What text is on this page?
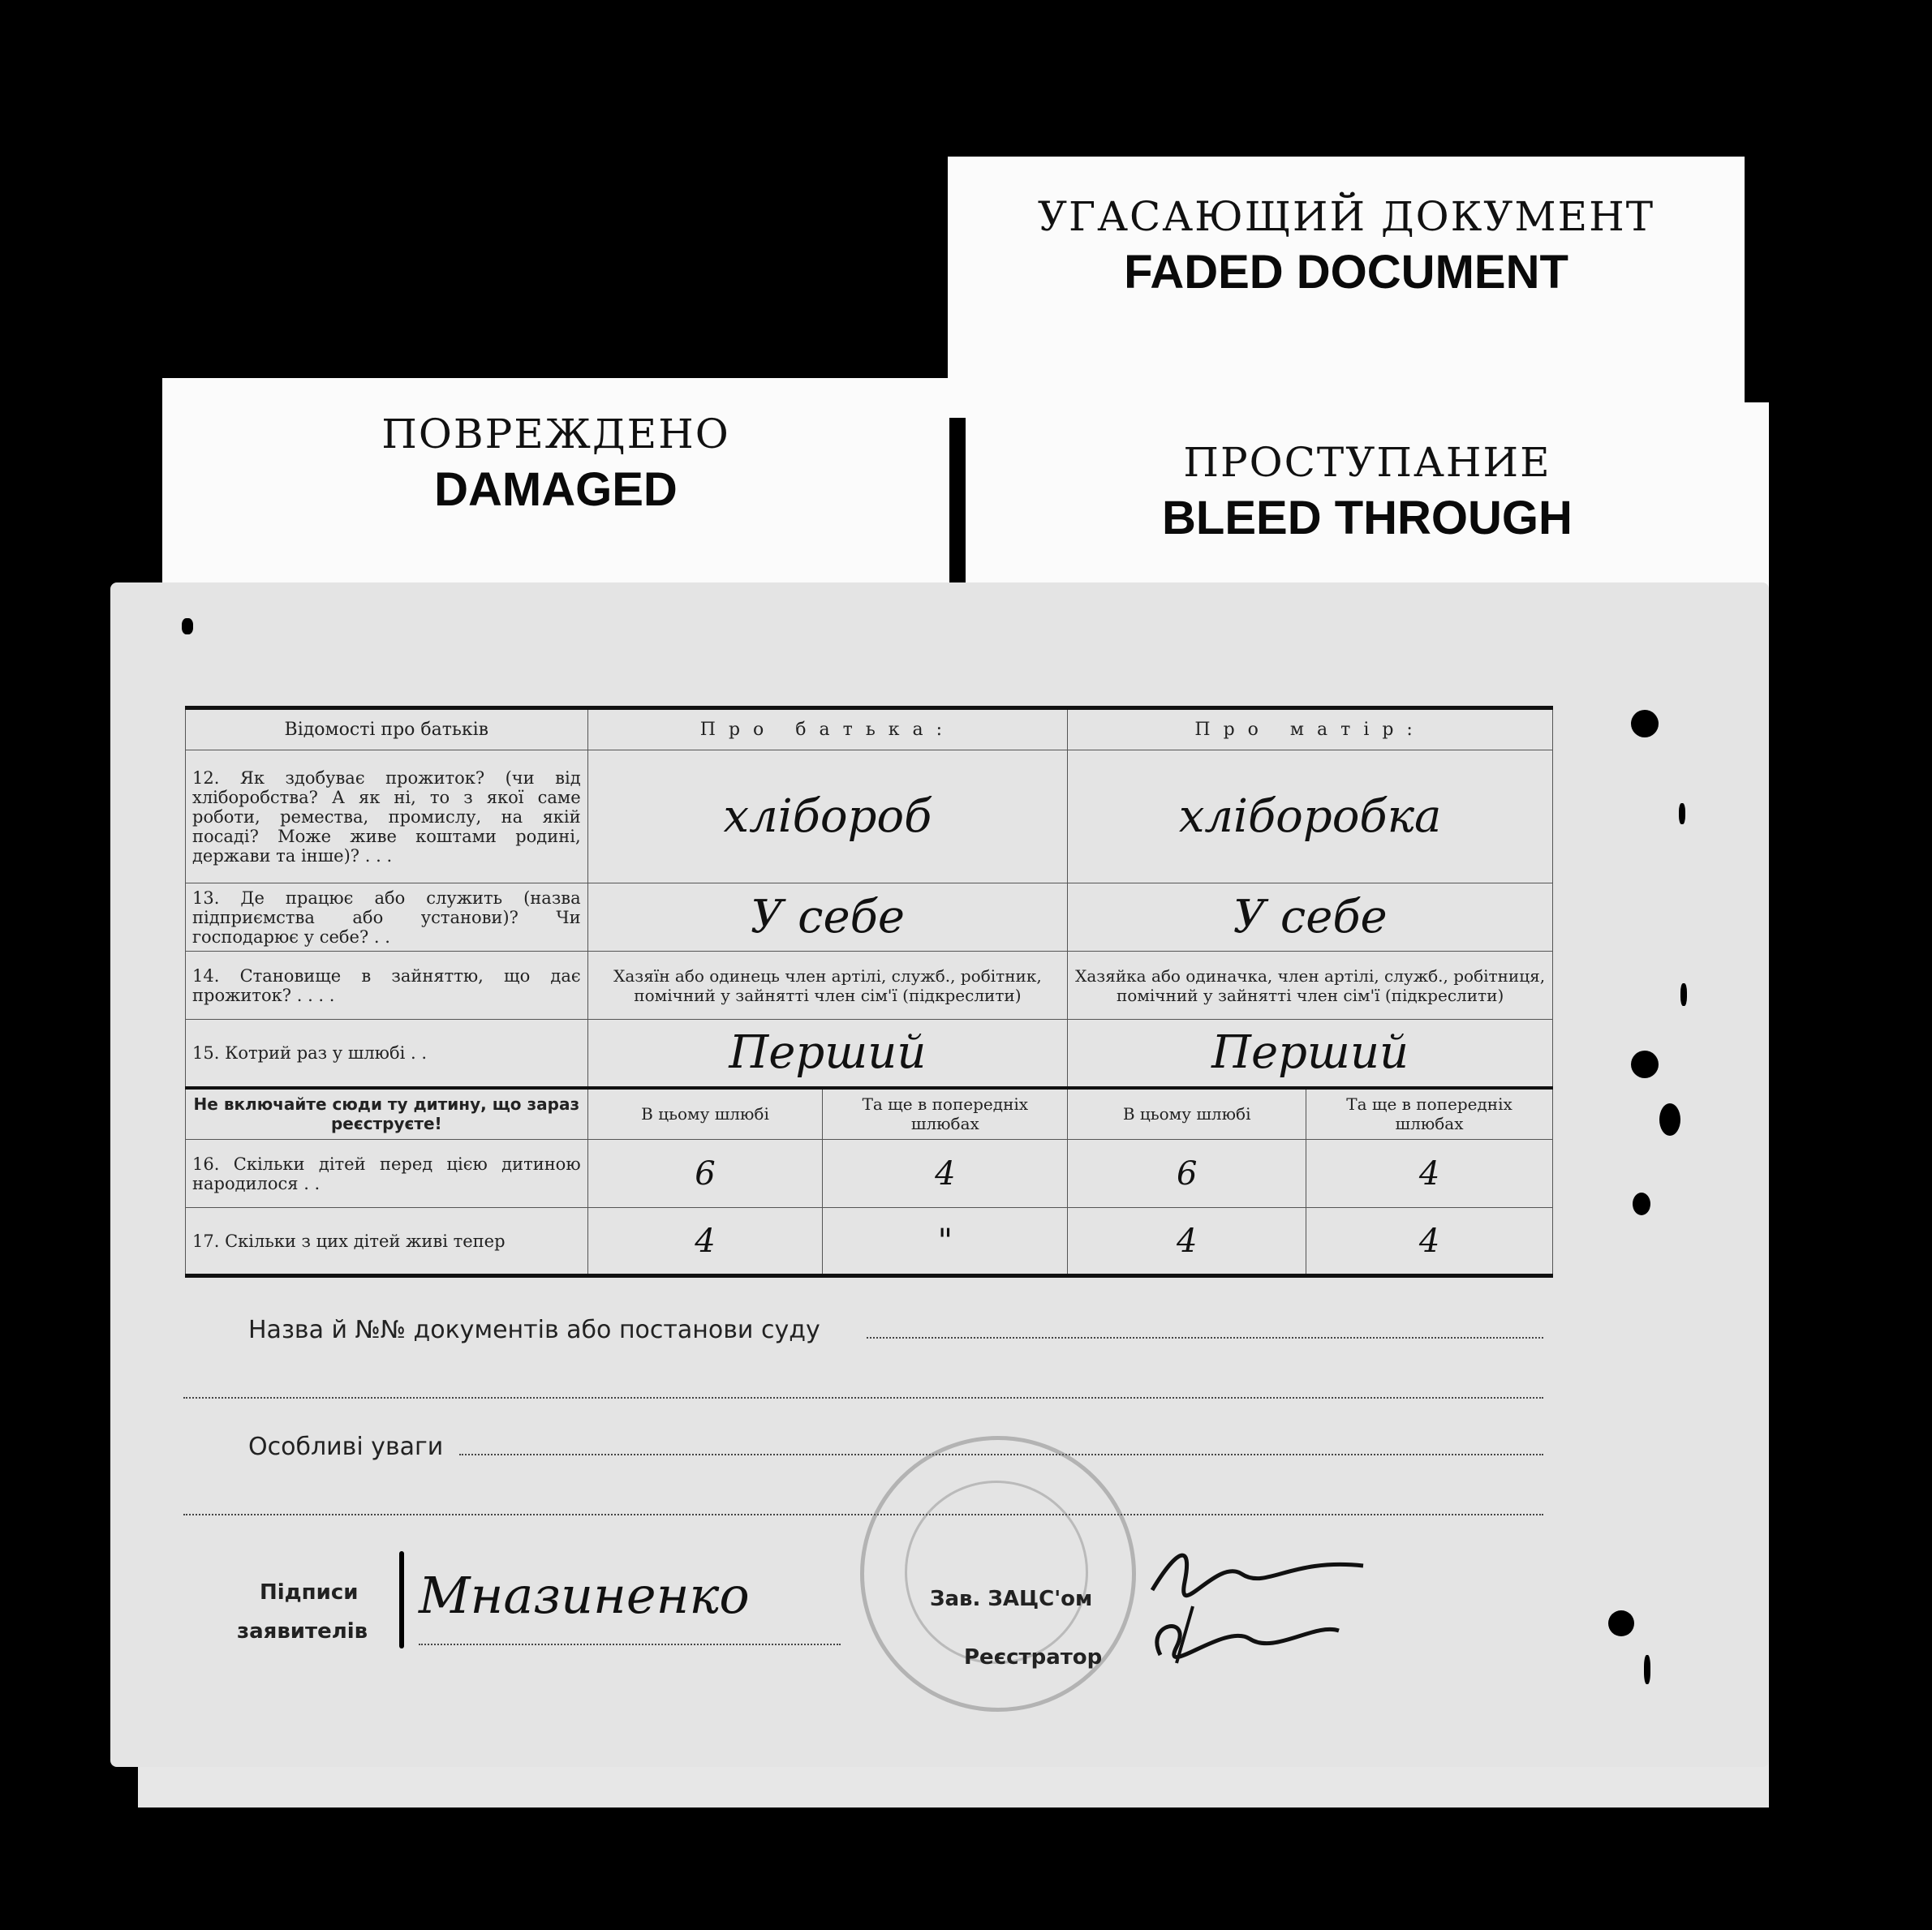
УГАСАЮЩИЙ ДОКУМЕНТ
FADED DOCUMENT
ПОВРЕЖДЕНО
DAMAGED
ПРОСТУПАНИЕ
BLEED THROUGH
Відомості про батьків	Про батька:		Про матір:	
12. Як здобуває прожиток? (чи від хліборобства? А як ні, то з якої саме роботи, ремества, промислу, на якій посаді? Може живе коштами родині, держави та інше)? . . .	хлібороб		хліборобка	
13. Де працює або служить (назва підприємства або установи)? Чи господарює у себе? . .	У себе		У себе	
14. Становище в зайняттю, що дає прожиток? . . . .	Хазяїн або одинець член артілі, служб., робітник, помічний у зайнятті член сім'ї (підкреслити)		Хазяйка або одиначка, член артілі, служб., робітниця, помічний у зайнятті член сім'ї (підкреслити)	
15. Котрий раз у шлюбі . .	Перший		Перший	
Не включайте сюди ту дитину, що зараз реєструєте!	В цьому шлюбі	Та ще в попередніх шлюбах	В цьому шлюбі	Та ще в попередніх шлюбах
16. Скільки дітей перед цією дитиною народилося . .	6	4	6	4
17. Скільки з цих дітей живі тепер	4	"	4	4
Назва й №№ документів або постанови суду
Особливі уваги
Підписи
заявителів
Мназиненко	Зав. ЗАЦС'ом
Реєстратор
